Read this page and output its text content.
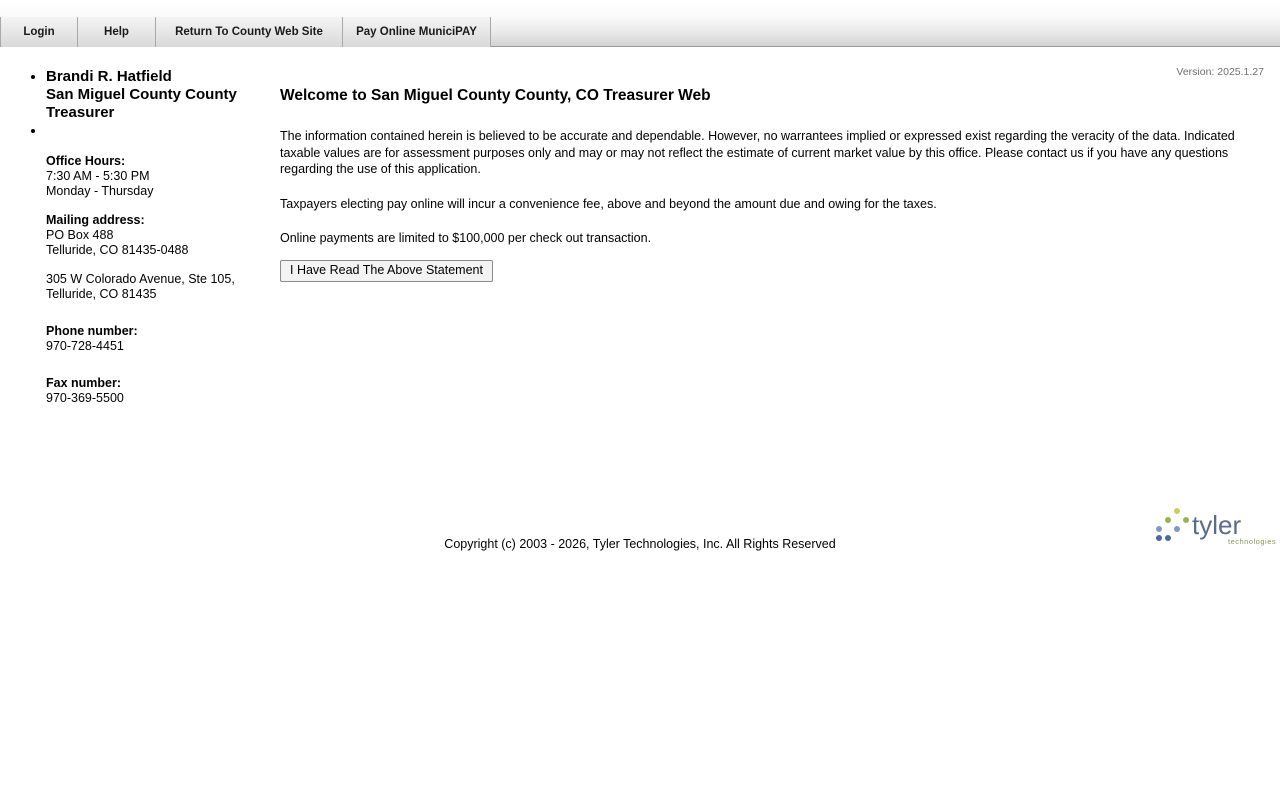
Login	Help	Return To County Web Site	Pay Online MuniciPAY
Version: 2025.1.27
• Brandi R. Hatfield
San Miguel County County
Treasurer
•
Office Hours:
7:30 AM - 5:30 PM
Monday - Thursday
Mailing address:
PO Box 488
Telluride, CO 81435-0488
305 W Colorado Avenue, Ste 105,
Telluride, CO 81435
Phone number:
970-728-4451
Fax number:
970-369-5500
Welcome to San Miguel County County, CO Treasurer Web
The information contained herein is believed to be accurate and dependable. However, no warrantees implied or expressed exist regarding the veracity of the data. Indicated taxable values are for assessment purposes only and may or may not reflect the estimate of current market value by this office. Please contact us if you have any questions regarding the use of this application.
Taxpayers electing pay online will incur a convenience fee, above and beyond the amount due and owing for the taxes.
Online payments are limited to $100,000 per check out transaction.
I Have Read The Above Statement
Copyright (c) 2003 - 2026, Tyler Technologies, Inc. All Rights Reserved
tyler
technologies
